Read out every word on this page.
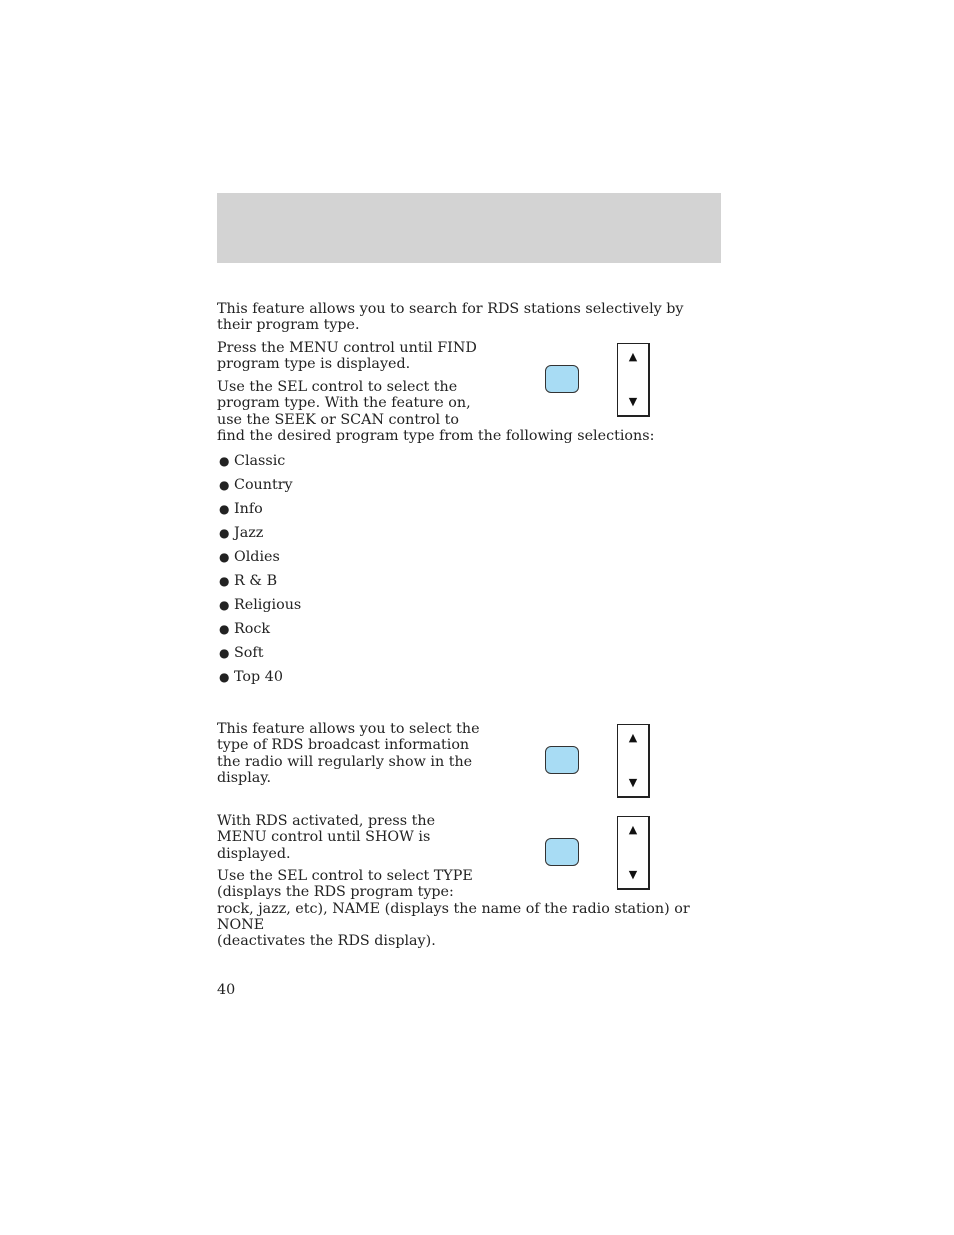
This feature allows you to search for RDS stations selectively by their program type.
Press the MENU control until FIND program type is displayed.
Use the SEL control to select the
program type. With the feature on,
use the SEEK or SCAN control to
find the desired program type from the following selections:
▲
▼
● Classic
● Country
● Info
● Jazz
● Oldies
● R & B
● Religious
● Rock
● Soft
● Top 40
This feature allows you to select the
type of RDS broadcast information
the radio will regularly show in the
display.
▲
▼
With RDS activated, press the
MENU control until SHOW is
displayed.
Use the SEL control to select TYPE
(displays the RDS program type:
rock, jazz, etc), NAME (displays the name of the radio station) or NONE
(deactivates the RDS display).
▲
▼
40
